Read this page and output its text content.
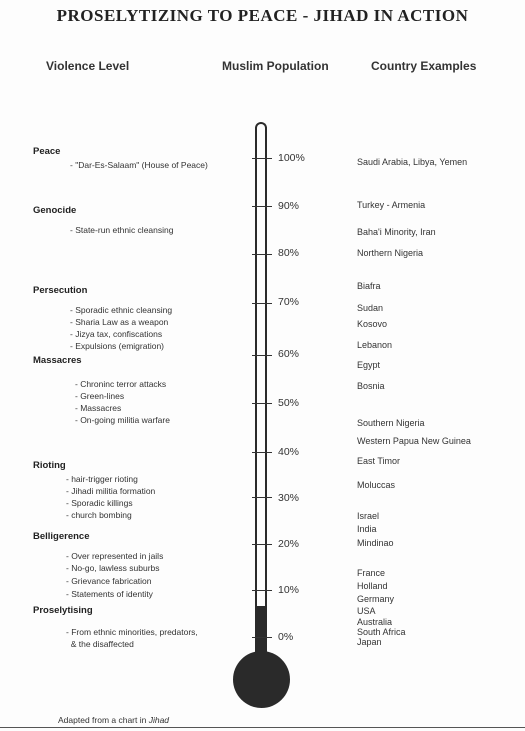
PROSELYTIZING TO PEACE - JIHAD IN ACTION
Violence Level	Muslim Population	Country Examples
Peace
- "Dar-Es-Salaam" (House of Peace)
Genocide
- State-run ethnic cleansing
Persecution
- Sporadic ethnic cleansing
- Sharia Law as a weapon
- Jizya tax, confiscations
- Expulsions (emigration)
Massacres
- Chroninc terror attacks
- Green-lines
- Massacres
- On-going militia warfare
Rioting
- hair-trigger rioting
- Jihadi militia formation
- Sporadic killings
- church bombing
Belligerence
- Over represented in jails
- No-go, lawless suburbs
- Grievance fabrication
- Statements of identity
Proselytising
- From ethnic minorities, predators,
& the disaffected
100%
90%
80%
70%
60%
50%
40%
30%
20%
10%
0%
Saudi Arabia, Libya, Yemen
Turkey - Armenia
Baha'i Minority, Iran
Northern Nigeria
Biafra
Sudan
Kosovo
Lebanon
Egypt
Bosnia
Southern Nigeria
Western Papua New Guinea
East Timor
Moluccas
Israel
India
Mindinao
France
Holland
Germany
USA
Australia
South Africa
Japan
Adapted from a chart in Jihad
